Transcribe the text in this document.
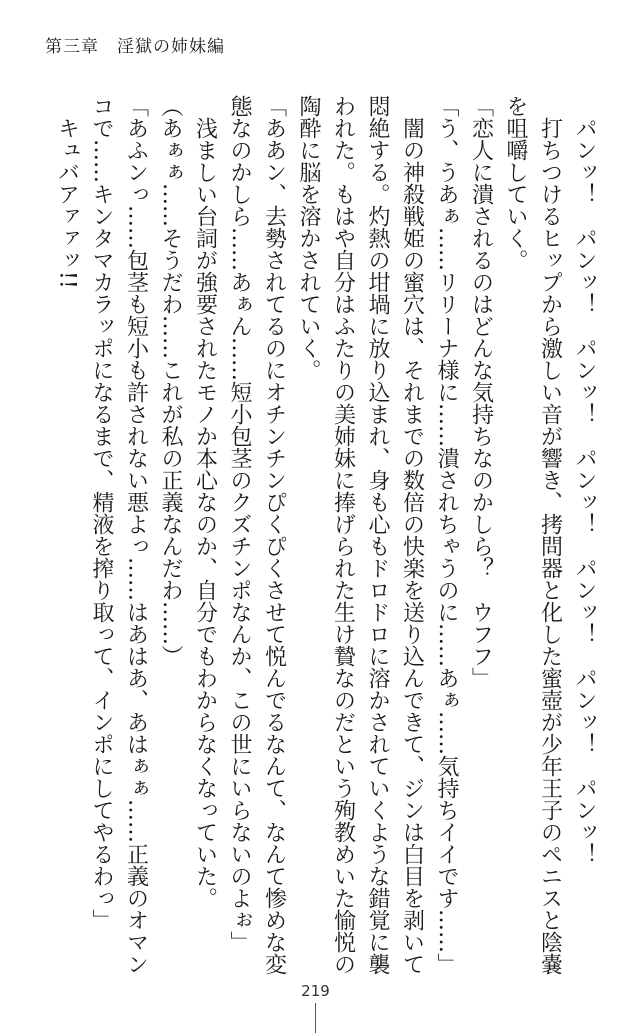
第三章　淫獄の姉妹編

　パンッ！　パンッ！　パンッ！　パンッ！　パンッ！　パンッ！　パンッ！

　打ちつけるヒップから激しい音が響き、拷問器と化した蜜壺が少年王子のペニスと陰嚢

を咀嚼していく。

「恋人に潰されるのはどんな気持ちなのかしら？　ウフフ」

「う、うあぁ……リリーナ様に……潰されちゃうのに……あぁ……気持ちイイです……」

　闇の神殺戦姫の蜜穴は、それまでの数倍の快楽を送り込んできて、ジンは白目を剥いて

悶絶する。灼熱の坩堝に放り込まれ、身も心もドロドロに溶かされていくような錯覚に襲

われた。もはや自分はふたりの美姉妹に捧げられた生け贄なのだという殉教めいた愉悦の

陶酔に脳を溶かされていく。

「ああン、去勢されてるのにオチンチンぴくぴくさせて悦んでるなんて、なんて惨めな変

態なのかしら……あぁん……短小包茎のクズチンポなんか、この世にいらないのよぉ」

　浅ましい台詞が強要されたモノか本心なのか、自分でもわからなくなっていた。

（あぁぁ……そうだわ……これが私の正義なんだわ……）

「あふンっ……包茎も短小も許されない悪よっ……はあはあ、あはぁぁ……正義のオマン

コで……キンタマカラッポになるまで、精液を搾り取って、インポにしてやるわっ」

　キュバアァァッ!!

219
